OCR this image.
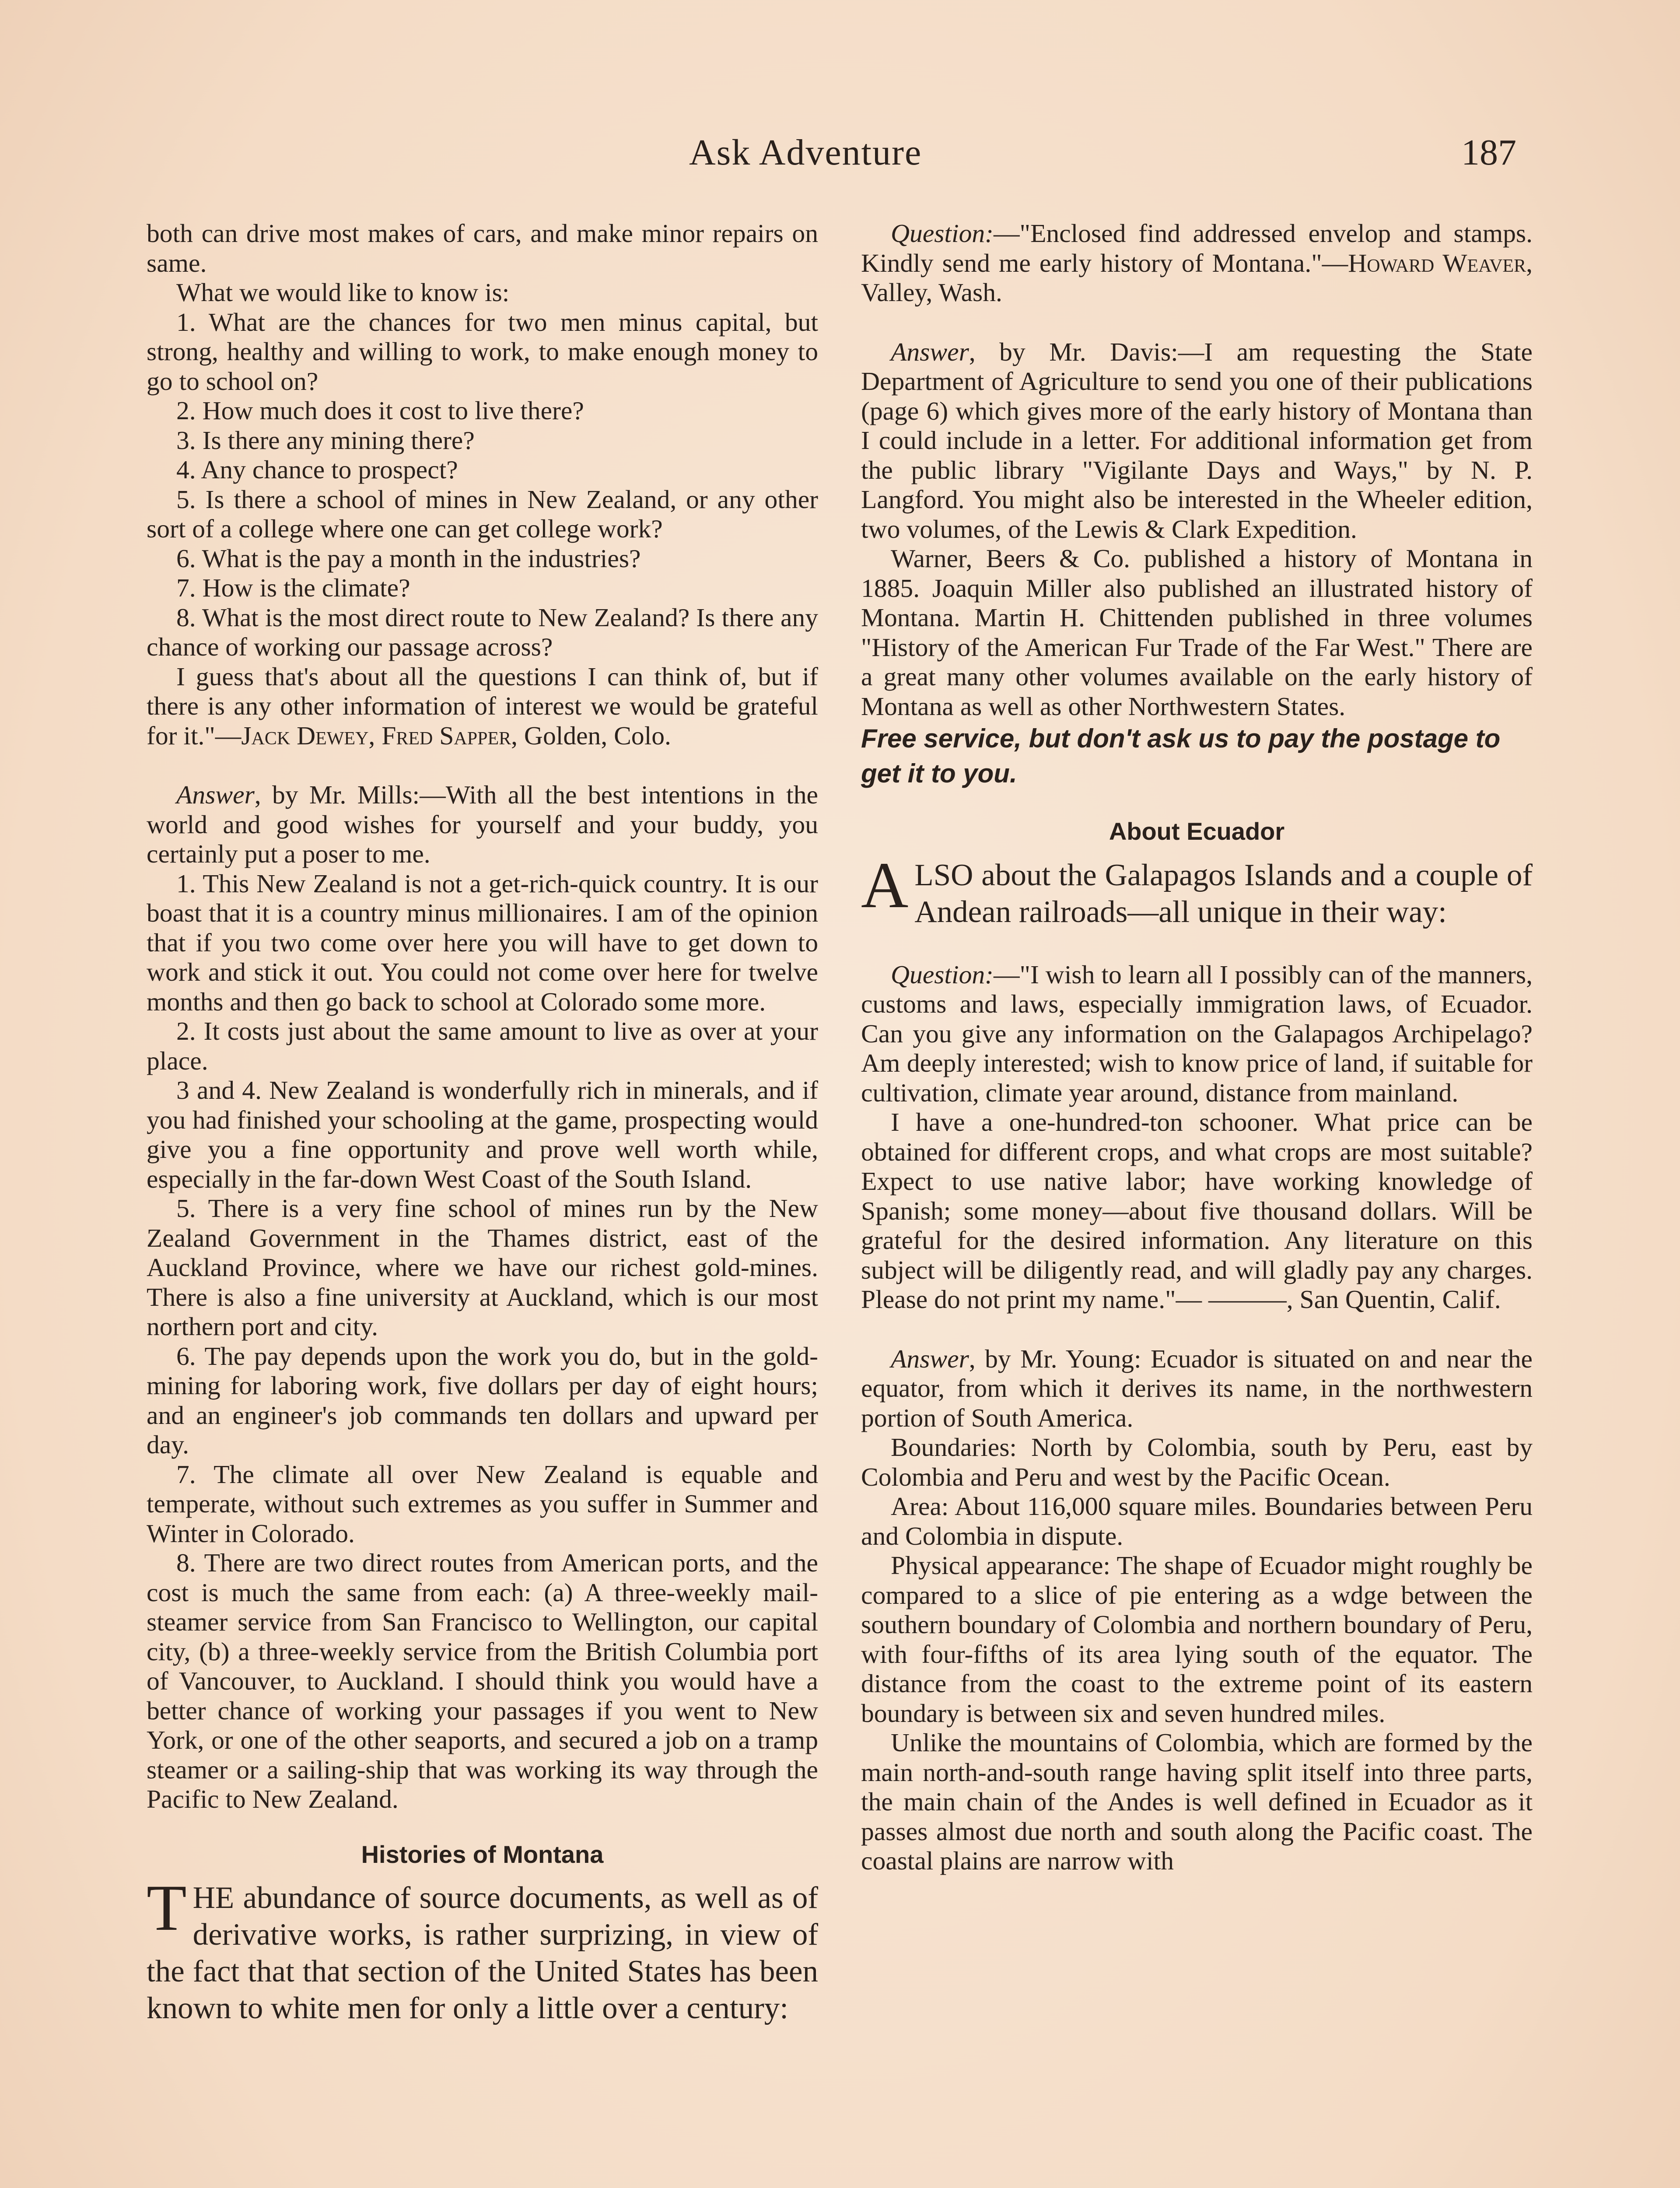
Ask Adventure	187

both can drive most makes of cars, and make minor repairs on same.

What we would like to know is:

1. What are the chances for two men minus capital, but strong, healthy and willing to work, to make enough money to go to school on?

2. How much does it cost to live there?

3. Is there any mining there?

4. Any chance to prospect?

5. Is there a school of mines in New Zealand, or any other sort of a college where one can get college work?

6. What is the pay a month in the industries?

7. How is the climate?

8. What is the most direct route to New Zealand? Is there any chance of working our passage across?

I guess that's about all the questions I can think of, but if there is any other information of interest we would be grateful for it."—Jack Dewey, Fred Sapper, Golden, Colo.

Answer, by Mr. Mills:—With all the best intentions in the world and good wishes for yourself and your buddy, you certainly put a poser to me.

1. This New Zealand is not a get-rich-quick country. It is our boast that it is a country minus millionaires. I am of the opinion that if you two come over here you will have to get down to work and stick it out. You could not come over here for twelve months and then go back to school at Colorado some more.

2. It costs just about the same amount to live as over at your place.

3 and 4. New Zealand is wonderfully rich in minerals, and if you had finished your schooling at the game, prospecting would give you a fine opportunity and prove well worth while, especially in the far-down West Coast of the South Island.

5. There is a very fine school of mines run by the New Zealand Government in the Thames district, east of the Auckland Province, where we have our richest gold-mines. There is also a fine university at Auckland, which is our most northern port and city.

6. The pay depends upon the work you do, but in the gold-mining for laboring work, five dollars per day of eight hours; and an engineer's job commands ten dollars and upward per day.

7. The climate all over New Zealand is equable and temperate, without such extremes as you suffer in Summer and Winter in Colorado.

8. There are two direct routes from American ports, and the cost is much the same from each: (a) A three-weekly mail-steamer service from San Francisco to Wellington, our capital city, (b) a three-weekly service from the British Columbia port of Vancouver, to Auckland. I should think you would have a better chance of working your passages if you went to New York, or one of the other seaports, and secured a job on a tramp steamer or a sailing-ship that was working its way through the Pacific to New Zealand.

Histories of Montana

THE abundance of source documents, as well as of derivative works, is rather surprizing, in view of the fact that that section of the United States has been known to white men for only a little over a century:

Question:—"Enclosed find addressed envelop and stamps. Kindly send me early history of Montana."—Howard Weaver, Valley, Wash.

Answer, by Mr. Davis:—I am requesting the State Department of Agriculture to send you one of their publications (page 6) which gives more of the early history of Montana than I could include in a letter. For additional information get from the public library "Vigilante Days and Ways," by N. P. Langford. You might also be interested in the Wheeler edition, two volumes, of the Lewis & Clark Expedition.

Warner, Beers & Co. published a history of Montana in 1885. Joaquin Miller also published an illustrated history of Montana. Martin H. Chittenden published in three volumes "History of the American Fur Trade of the Far West." There are a great many other volumes available on the early history of Montana as well as other Northwestern States.

Free service, but don't ask us to pay the postage to get it to you.

About Ecuador

ALSO about the Galapagos Islands and a couple of Andean railroads—all unique in their way:

Question:—"I wish to learn all I possibly can of the manners, customs and laws, especially immigration laws, of Ecuador. Can you give any information on the Galapagos Archipelago? Am deeply interested; wish to know price of land, if suitable for cultivation, climate year around, distance from mainland.

I have a one-hundred-ton schooner. What price can be obtained for different crops, and what crops are most suitable? Expect to use native labor; have working knowledge of Spanish; some money—about five thousand dollars. Will be grateful for the desired information. Any literature on this subject will be diligently read, and will gladly pay any charges. Please do not print my name."— ———, San Quentin, Calif.

Answer, by Mr. Young: Ecuador is situated on and near the equator, from which it derives its name, in the northwestern portion of South America.

Boundaries: North by Colombia, south by Peru, east by Colombia and Peru and west by the Pacific Ocean.

Area: About 116,000 square miles. Boundaries between Peru and Colombia in dispute.

Physical appearance: The shape of Ecuador might roughly be compared to a slice of pie entering as a wdge between the southern boundary of Colombia and northern boundary of Peru, with four-fifths of its area lying south of the equator. The distance from the coast to the extreme point of its eastern boundary is between six and seven hundred miles.

Unlike the mountains of Colombia, which are formed by the main north-and-south range having split itself into three parts, the main chain of the Andes is well defined in Ecuador as it passes almost due north and south along the Pacific coast. The coastal plains are narrow with
